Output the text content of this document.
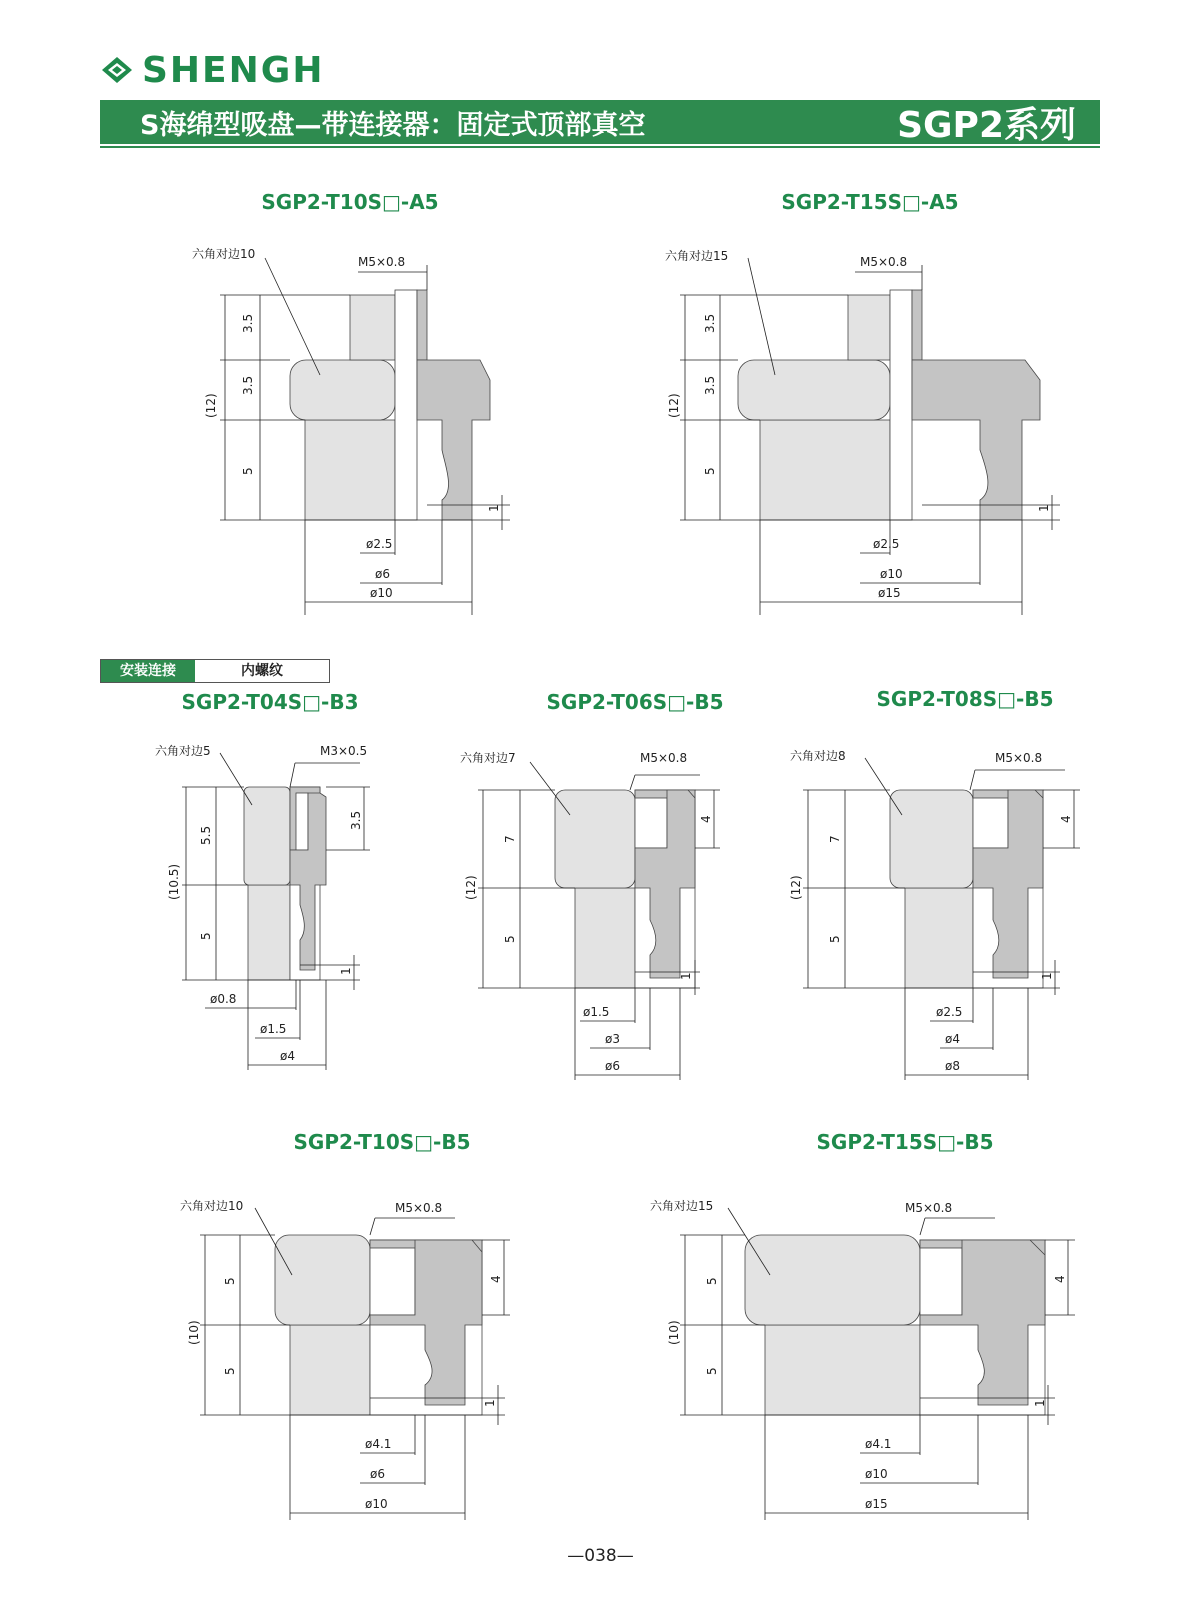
SHENGH
S海绵型吸盘—带连接器：固定式顶部真空	SGP2系列
SGP2-T10S□-A5	SGP2-T15S□-A5
安装连接	内螺纹
SGP2-T04S□-B3	SGP2-T06S□-B5	SGP2-T08S□-B5
SGP2-T10S□-B5	SGP2-T15S□-B5
六角对边10
M5×0.8
(12)
3.5
3.5
5
1
ø2.5
ø6
ø10
六角对边15	M5×0.8
(12)
3.5
3.5
5
1
ø2.5
ø10
ø15
六角对边5	M3×0.5
(10.5)
5.5
5
3.5
1
ø0.8
ø1.5
ø4
六角对边7	M5×0.8
(12)
7
5
4
1
ø1.5
ø3
ø6
六角对边8	M5×0.8
(12)
7
5
4
1
ø2.5
ø4
ø8
六角对边10	M5×0.8
(10)
5
5
4
1
ø4.1
ø6
ø10
六角对边15	M5×0.8
(10)
5
5
4
1
ø4.1
ø10
ø15
—038—
